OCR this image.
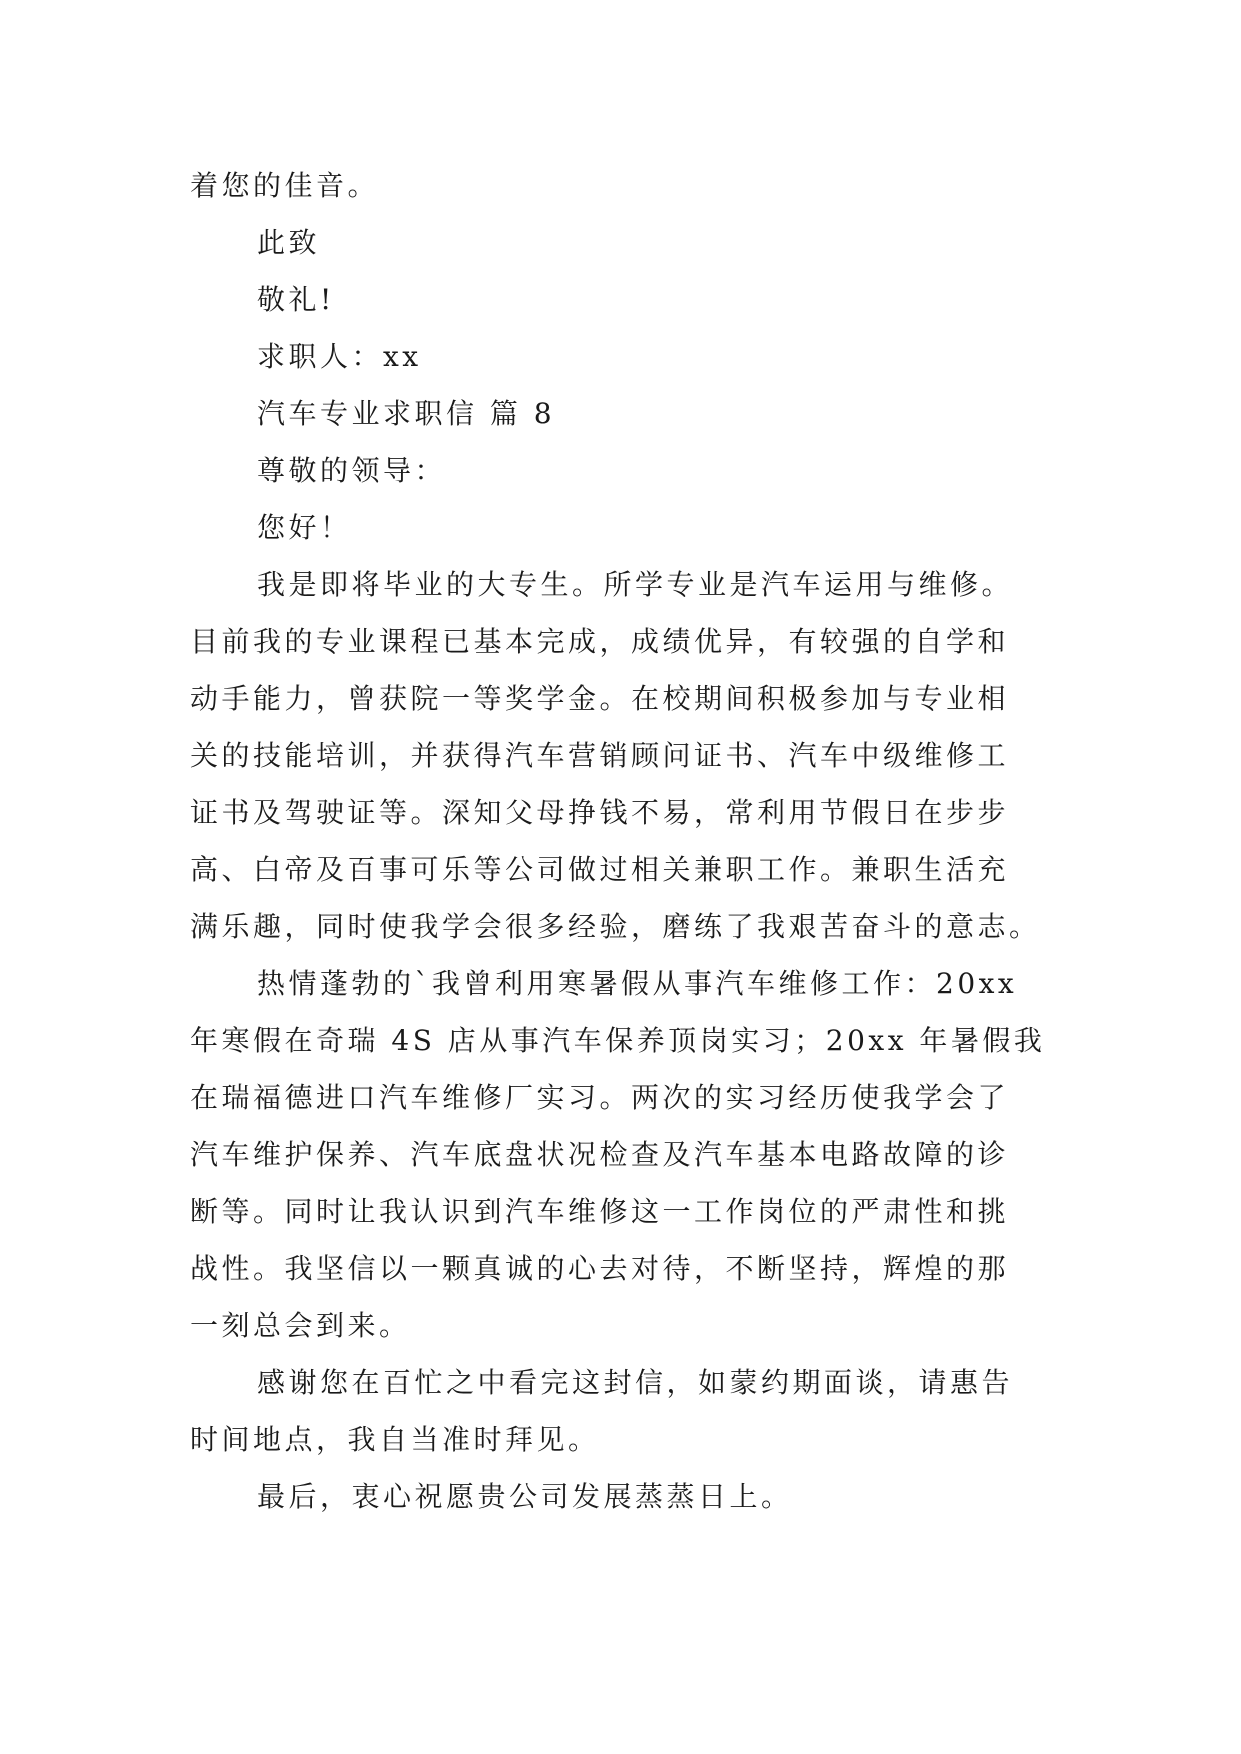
着您的佳音。
此致
敬礼!
求职人：xx
汽车专业求职信 篇 8
尊敬的领导：
您好！
我是即将毕业的大专生。所学专业是汽车运用与维修。
目前我的专业课程已基本完成，成绩优异，有较强的自学和
动手能力，曾获院一等奖学金。在校期间积极参加与专业相
关的技能培训，并获得汽车营销顾问证书、汽车中级维修工
证书及驾驶证等。深知父母挣钱不易，常利用节假日在步步
高、白帝及百事可乐等公司做过相关兼职工作。兼职生活充
满乐趣，同时使我学会很多经验，磨练了我艰苦奋斗的意志。
热情蓬勃的`我曾利用寒暑假从事汽车维修工作：20xx
年寒假在奇瑞 4S 店从事汽车保养顶岗实习；20xx 年暑假我
在瑞福德进口汽车维修厂实习。两次的实习经历使我学会了
汽车维护保养、汽车底盘状况检查及汽车基本电路故障的诊
断等。同时让我认识到汽车维修这一工作岗位的严肃性和挑
战性。我坚信以一颗真诚的心去对待，不断坚持，辉煌的那
一刻总会到来。
感谢您在百忙之中看完这封信，如蒙约期面谈，请惠告
时间地点，我自当准时拜见。
最后，衷心祝愿贵公司发展蒸蒸日上。
